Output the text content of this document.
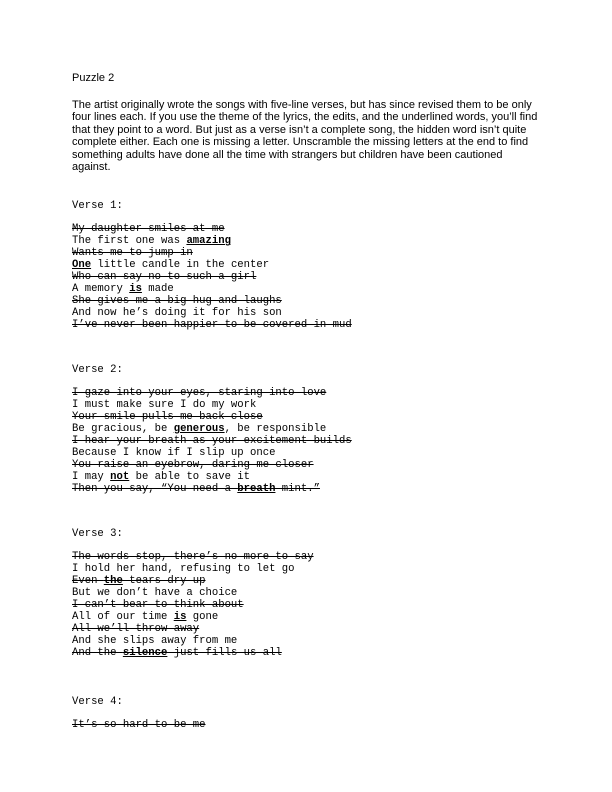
Puzzle 2
The artist originally wrote the songs with five-line verses, but has since revised them to be only four lines each. If you use the theme of the lyrics, the edits, and the underlined words, you’ll find that they point to a word. But just as a verse isn’t a complete song, the hidden word isn’t quite complete either. Each one is missing a letter. Unscramble the missing letters at the end to find something adults have done all the time with strangers but children have been cautioned against.
Verse 1:
My daughter smiles at me
The first one was amazing
Wants me to jump in
One little candle in the center
Who can say no to such a girl
A memory is made
She gives me a big hug and laughs
And now he’s doing it for his son
I’ve never been happier to be covered in mud
Verse 2:
I gaze into your eyes, staring into love
I must make sure I do my work
Your smile pulls me back close
Be gracious, be generous, be responsible
I hear your breath as your excitement builds
Because I know if I slip up once
You raise an eyebrow, daring me closer
I may not be able to save it
Then you say, “You need a breath mint.”
Verse 3:
The words stop, there’s no more to say
I hold her hand, refusing to let go
Even the tears dry up
But we don’t have a choice
I can’t bear to think about
All of our time is gone
All we’ll throw away
And she slips away from me
And the silence just fills us all
Verse 4:
It’s so hard to be me
